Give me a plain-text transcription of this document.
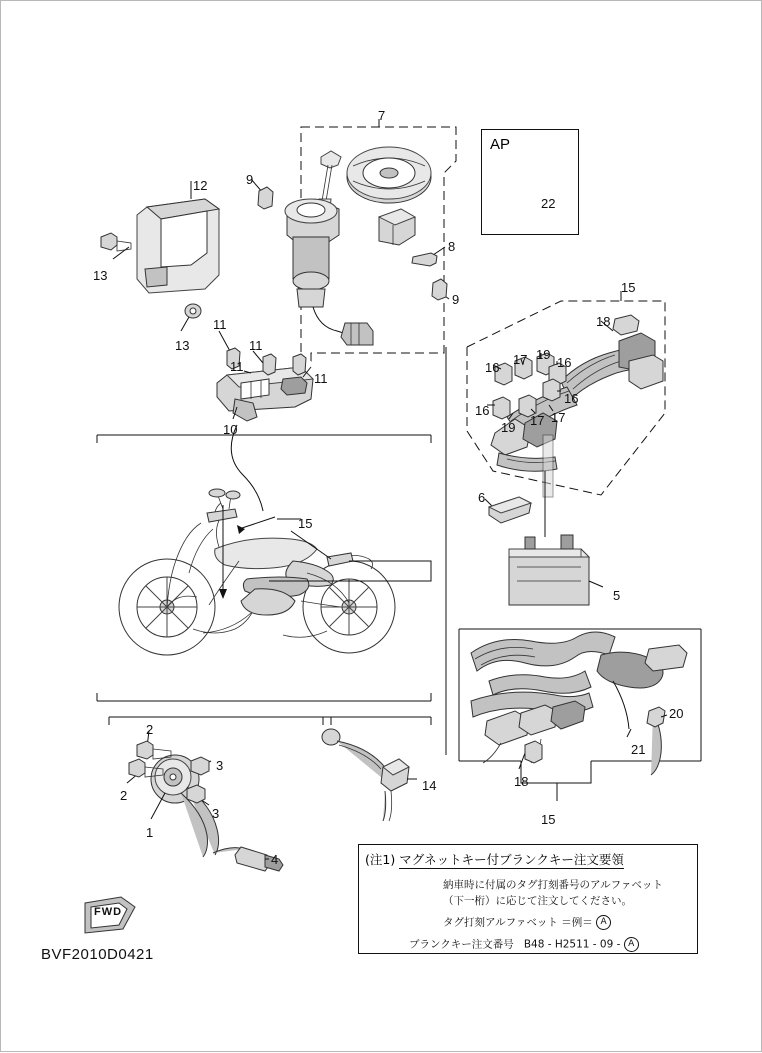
AP
(注1) マグネットキー付ブランクキー注文要領
納車時に付属のタグ打刻番号のアルファベット
（下一桁）に応じて注文してください。
タグ打刻アルファベット ＝例＝ A
ブランクキー注文番号 B48 - H2511 - 09 - A
FWD
BVF2010D0421
7
12	9
13
8
9
13
11
11
11
11
10
22
15
18
16
17 19
16
16
16
17 17
19
6
5
15
2
3
2
3
1
4
14	18
15
20
21
